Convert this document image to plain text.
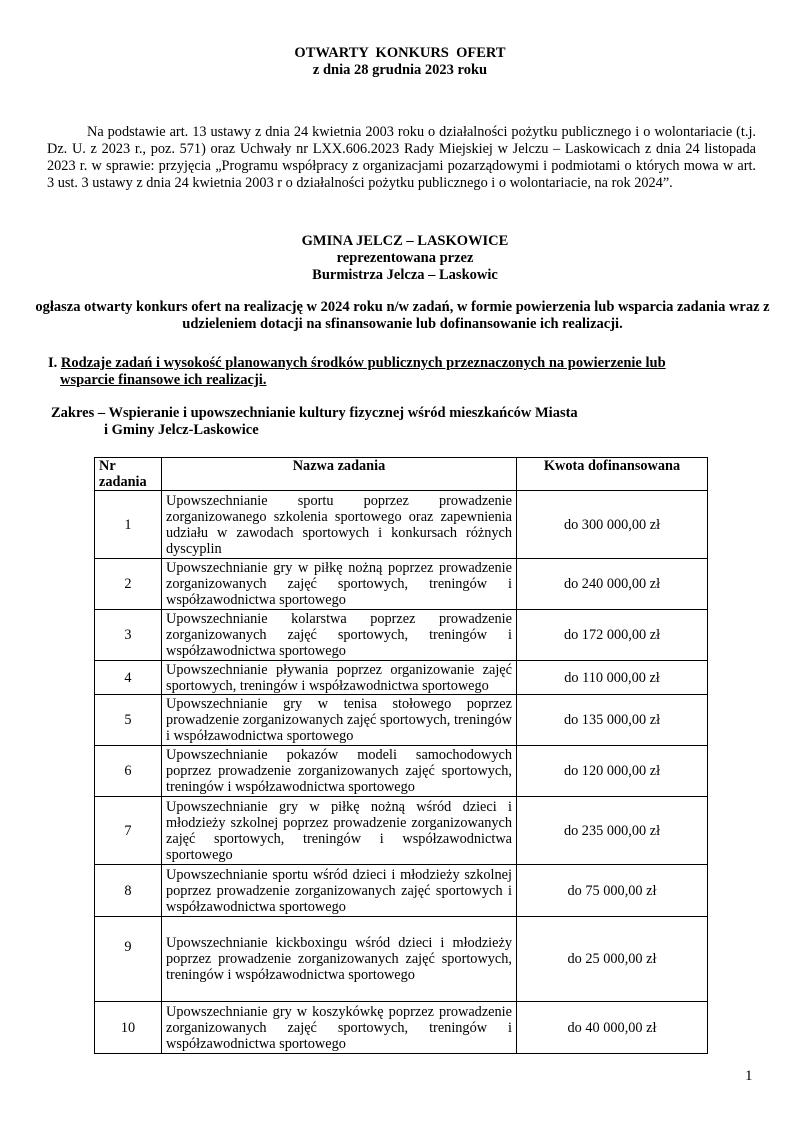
OTWARTY  KONKURS  OFERT
z dnia 28 grudnia 2023 roku
Na podstawie art. 13 ustawy z dnia 24 kwietnia 2003 roku o działalności pożytku publicznego i o wolontariacie (t.j. Dz. U. z 2023 r., poz. 571) oraz Uchwały nr LXX.606.2023 Rady Miejskiej w Jelczu – Laskowicach z dnia 24 listopada 2023 r. w sprawie: przyjęcia „Programu współpracy z organizacjami pozarządowymi i podmiotami o których mowa w art. 3 ust. 3 ustawy z dnia 24 kwietnia 2003 r o działalności pożytku publicznego i o wolontariacie, na rok 2024”.
GMINA JELCZ – LASKOWICE
reprezentowana przez
Burmistrza Jelcza – Laskowic
ogłasza otwarty konkurs ofert na realizację w 2024 roku n/w zadań, w formie powierzenia lub wsparcia zadania wraz z udzieleniem dotacji na sfinansowanie lub dofinansowanie ich realizacji.
I. Rodzaje zadań i wysokość planowanych środków publicznych przeznaczonych na powierzenie lub
wsparcie finansowe ich realizacji.
Zakres – Wspieranie i upowszechnianie kultury fizycznej wśród mieszkańców Miasta
i Gminy Jelcz-Laskowice
Nr zadania	Nazwa zadania	Kwota dofinansowana
1	Upowszechnianie sportu poprzez prowadzenie zorganizowanego szkolenia sportowego oraz zapewnienia udziału w zawodach sportowych i konkursach różnych dyscyplin	do 300 000,00 zł
2	Upowszechnianie gry w piłkę nożną poprzez prowadzenie zorganizowanych zajęć sportowych, treningów i współzawodnictwa sportowego	do 240 000,00 zł
3	Upowszechnianie kolarstwa poprzez prowadzenie zorganizowanych zajęć sportowych, treningów i współzawodnictwa sportowego	do 172 000,00 zł
4	Upowszechnianie pływania poprzez organizowanie zajęć sportowych, treningów i współzawodnictwa sportowego	do 110 000,00 zł
5	Upowszechnianie gry w tenisa stołowego poprzez prowadzenie zorganizowanych zajęć sportowych, treningów i współzawodnictwa sportowego	do 135 000,00 zł
6	Upowszechnianie pokazów modeli samochodowych poprzez prowadzenie zorganizowanych zajęć sportowych, treningów i współzawodnictwa sportowego	do 120 000,00 zł
7	Upowszechnianie gry w piłkę nożną wśród dzieci i młodzieży szkolnej poprzez prowadzenie zorganizowanych zajęć sportowych, treningów i współzawodnictwa sportowego	do 235 000,00 zł
8	Upowszechnianie sportu wśród dzieci i młodzieży szkolnej poprzez prowadzenie zorganizowanych zajęć sportowych i współzawodnictwa sportowego	do 75 000,00 zł
9	Upowszechnianie kickboxingu wśród dzieci i młodzieży poprzez prowadzenie zorganizowanych zajęć sportowych, treningów i współzawodnictwa sportowego	do 25 000,00 zł
10	Upowszechnianie gry w koszykówkę poprzez prowadzenie zorganizowanych zajęć sportowych, treningów i współzawodnictwa sportowego	do 40 000,00 zł
1
